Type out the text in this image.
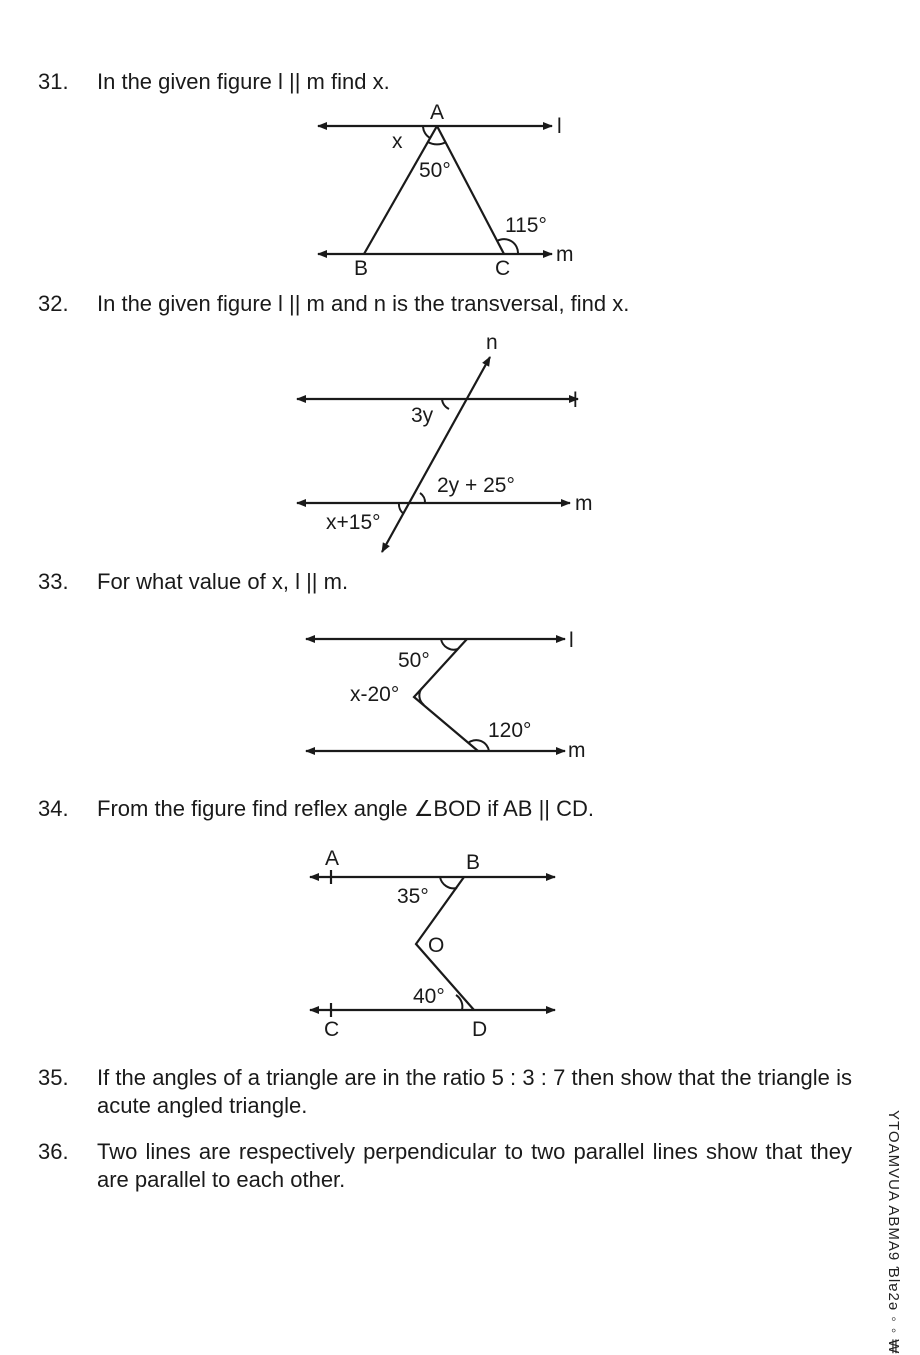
31. In the given figure l || m find x.
32. In the given figure l || m and n is the transversal, find x.
33. For what value of x, l || m.
34. From the figure find reflex angle ∠BOD if AB || CD.
35. If the angles of a triangle are in the ratio 5 : 3 : 7 then show that the triangle is acute angled triangle.
36. Two lines are respectively perpendicular to two parallel lines show that they are parallel to each other.
A
x
50°
115°
l
m
B	C
n
l
3y
2y + 25°
m
x+15°
l
50°
x-20°
120°
m
A	B
35°
O
40°
C	D
YTOAMVUA ABMA9 Ɓlɐ2ə ◦ ◦ ₩
